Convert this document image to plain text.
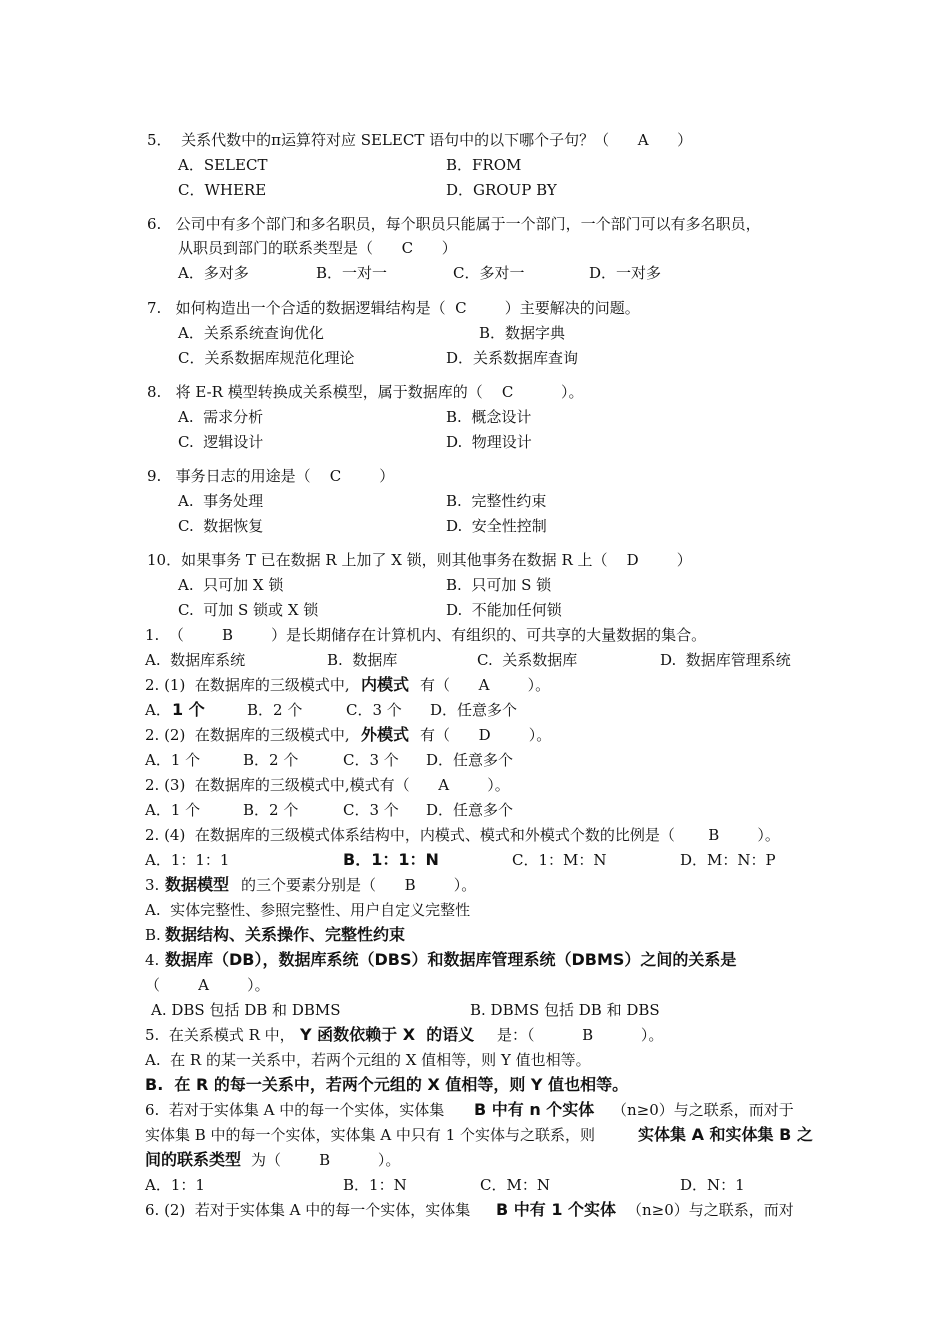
5．  关系代数中的π运算符对应 SELECT 语句中的以下哪个子句？（      A      ）
A．SELECT	B．FROM
C．WHERE	D．GROUP BY
6.   公司中有多个部门和多名职员，每个职员只能属于一个部门，一个部门可以有多名职员，
从职员到部门的联系类型是（      C      ）
A．多对多	B．一对一	C．多对一	D．一对多
7.   如何构造出一个合适的数据逻辑结构是（  C        ）主要解决的问题。
A．关系系统查询优化	B．数据字典
C．关系数据库规范化理论	D．关系数据库查询
8.   将 E-R 模型转换成关系模型，属于数据库的（    C          ）。
A.  需求分析	B.  概念设计
C.  逻辑设计	D.  物理设计
9.   事务日志的用途是（    C        ）
A.  事务处理	B.  完整性约束
C.  数据恢复	D.  安全性控制
10．如果事务 T 已在数据 R 上加了 X 锁，则其他事务在数据 R 上（    D        ）
A.  只可加 X 锁	B.  只可加 S 锁
C.  可加 S 锁或 X 锁	D.  不能加任何锁
1.  （        B        ）是长期储存在计算机内、有组织的、可共享的大量数据的集合。
A.  数据库系统	B.  数据库	C.  关系数据库	D.  数据库管理系统
2. (1)  在数据库的三级模式中, 内模式 有（      A        ）。
A． 1 个	B．2 个	C．3 个 D．任意多个
2. (2)  在数据库的三级模式中, 外模式 有（      D        ）。
A．1 个	B．2 个	C．3 个 D．任意多个
2. (3)  在数据库的三级模式中,模式有（      A        ）。
A．1 个	B．2 个	C．3 个 D．任意多个
2. (4)  在数据库的三级模式体系结构中，内模式、模式和外模式个数的比例是（       B        ）。
A．1：1：1	B．1：1：N	C．1：M：N	D．M：N：P
3. 数据模型 的三个要素分别是（      B        ）。
A.  实体完整性、参照完整性、用户自定义完整性
B. 数据结构、关系操作、完整性约束
4. 数据库（DB），数据库系统（DBS）和数据库管理系统（DBMS）之间的关系是
（        A        ）。
A. DBS 包括 DB 和 DBMS	B. DBMS 包括 DB 和 DBS
5.  在关系模式 R 中， Y 函数依赖于 X  的语义 是：（          B          ）。
A.  在 R 的某一关系中，若两个元组的 X 值相等，则 Y 值也相等。
B.  在 R 的每一关系中，若两个元组的 X 值相等，则 Y 值也相等。
6.  若对于实体集 A 中的每一个实体，实体集 B 中有 n 个实体 （n≥0）与之联系，而对于
实体集 B 中的每一个实体，实体集 A 中只有 1 个实体与之联系，则	实体集 A 和实体集 B 之
间的联系类型 为（        B          ）。
A．1：1	B．1：N	C．M：N	D．N：1
6. (2)  若对于实体集 A 中的每一个实体，实体集 B 中有 1 个实体 （n≥0）与之联系，而对
